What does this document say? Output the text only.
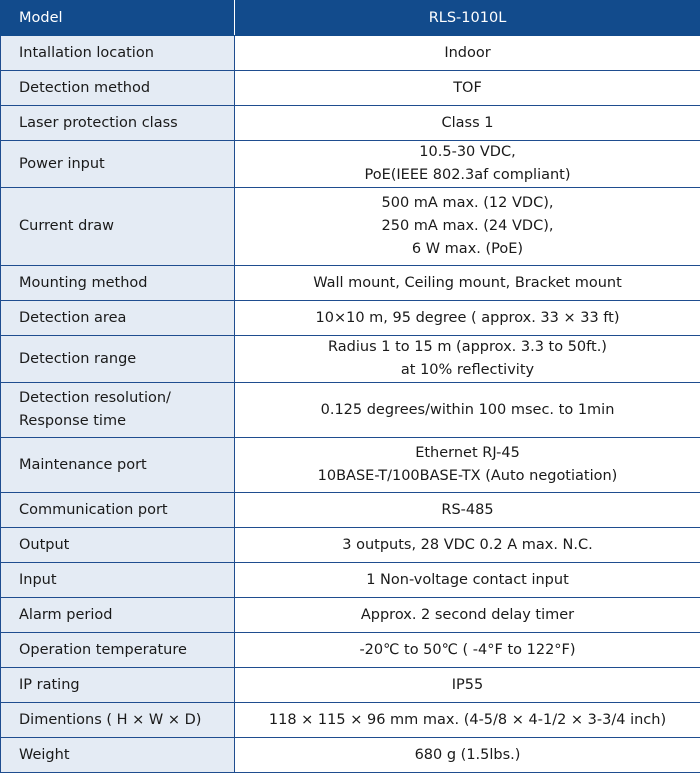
Model	RLS-1010L

Intallation location	Indoor

Detection method	TOF

Laser protection class	Class 1

Power input	10.5-30 VDC,
PoE(IEEE 802.3af compliant)

Current draw	500 mA max. (12 VDC),
250 mA max. (24 VDC),
6 W max. (PoE)

Mounting method	Wall mount, Ceiling mount, Bracket mount

Detection area	10×10 m, 95 degree ( approx. 33 × 33 ft)

Detection range	Radius 1 to 15 m (approx. 3.3 to 50ft.)
at 10% reflectivity

Detection resolution/
Response time	0.125 degrees/within 100 msec. to 1min

Maintenance port	Ethernet RJ-45
10BASE-T/100BASE-TX (Auto negotiation)

Communication port	RS-485

Output	3 outputs, 28 VDC 0.2 A max. N.C.

Input	1 Non-voltage contact input

Alarm period	Approx. 2 second delay timer

Operation temperature	-20℃ to 50℃ ( -4°F to 122°F)

IP rating	IP55

Dimentions ( H × W × D)	118 × 115 × 96 mm max. (4-5/8 × 4-1/2 × 3-3/4 inch)

Weight	680 g (1.5lbs.)
